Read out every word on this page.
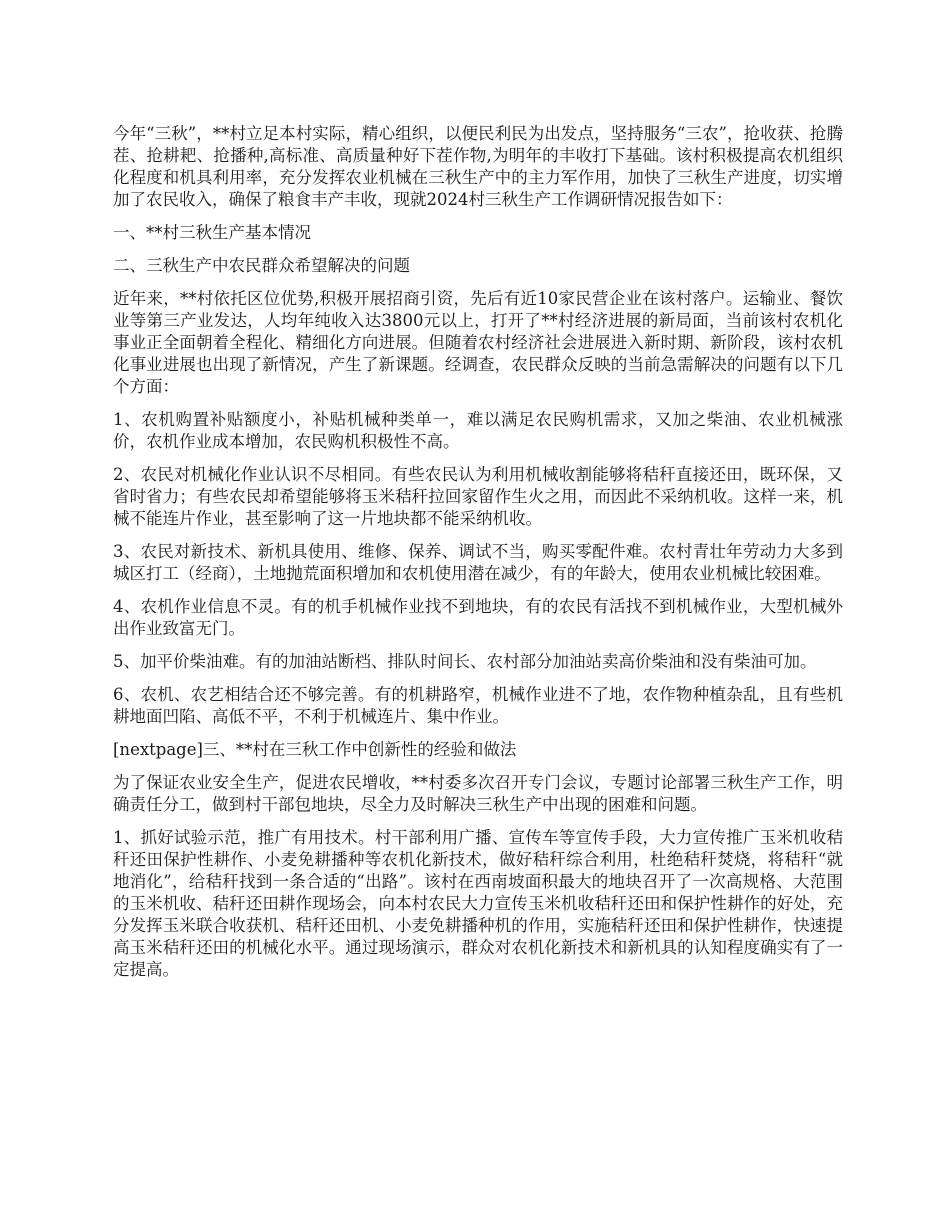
今年“三秋”，**村立足本村实际，精心组织，以便民利民为出发点，坚持服务“三农”，抢收获、抢腾茬、抢耕耙、抢播种,高标准、高质量种好下茬作物,为明年的丰收打下基础。该村积极提高农机组织化程度和机具利用率，充分发挥农业机械在三秋生产中的主力军作用，加快了三秋生产进度，切实增加了农民收入，确保了粮食丰产丰收，现就2024村三秋生产工作调研情况报告如下：

一、**村三秋生产基本情况

二、三秋生产中农民群众希望解决的问题

近年来，**村依托区位优势,积极开展招商引资，先后有近10家民营企业在该村落户。运输业、餐饮业等第三产业发达，人均年纯收入达3800元以上，打开了**村经济进展的新局面，当前该村农机化事业正全面朝着全程化、精细化方向进展。但随着农村经济社会进展进入新时期、新阶段，该村农机化事业进展也出现了新情况，产生了新课题。经调查，农民群众反映的当前急需解决的问题有以下几个方面：

1、农机购置补贴额度小，补贴机械种类单一，难以满足农民购机需求，又加之柴油、农业机械涨价，农机作业成本增加，农民购机积极性不高。

2、农民对机械化作业认识不尽相同。有些农民认为利用机械收割能够将秸秆直接还田，既环保，又省时省力；有些农民却希望能够将玉米秸秆拉回家留作生火之用，而因此不采纳机收。这样一来，机械不能连片作业，甚至影响了这一片地块都不能采纳机收。

3、农民对新技术、新机具使用、维修、保养、调试不当，购买零配件难。农村青壮年劳动力大多到城区打工（经商），土地抛荒面积增加和农机使用潜在减少，有的年龄大，使用农业机械比较困难。

4、农机作业信息不灵。有的机手机械作业找不到地块，有的农民有活找不到机械作业，大型机械外出作业致富无门。

5、加平价柴油难。有的加油站断档、排队时间长、农村部分加油站卖高价柴油和没有柴油可加。

6、农机、农艺相结合还不够完善。有的机耕路窄，机械作业进不了地，农作物种植杂乱，且有些机耕地面凹陷、高低不平，不利于机械连片、集中作业。

[nextpage]三、**村在三秋工作中创新性的经验和做法

为了保证农业安全生产，促进农民增收，**村委多次召开专门会议，专题讨论部署三秋生产工作，明确责任分工，做到村干部包地块，尽全力及时解决三秋生产中出现的困难和问题。

1、抓好试验示范，推广有用技术。村干部利用广播、宣传车等宣传手段，大力宣传推广玉米机收秸秆还田保护性耕作、小麦免耕播种等农机化新技术，做好秸秆综合利用，杜绝秸秆焚烧，将秸秆“就地消化”，给秸秆找到一条合适的“出路”。该村在西南坡面积最大的地块召开了一次高规格、大范围的玉米机收、秸秆还田耕作现场会，向本村农民大力宣传玉米机收秸秆还田和保护性耕作的好处，充分发挥玉米联合收获机、秸秆还田机、小麦免耕播种机的作用，实施秸秆还田和保护性耕作，快速提高玉米秸秆还田的机械化水平。通过现场演示，群众对农机化新技术和新机具的认知程度确实有了一定提高。
